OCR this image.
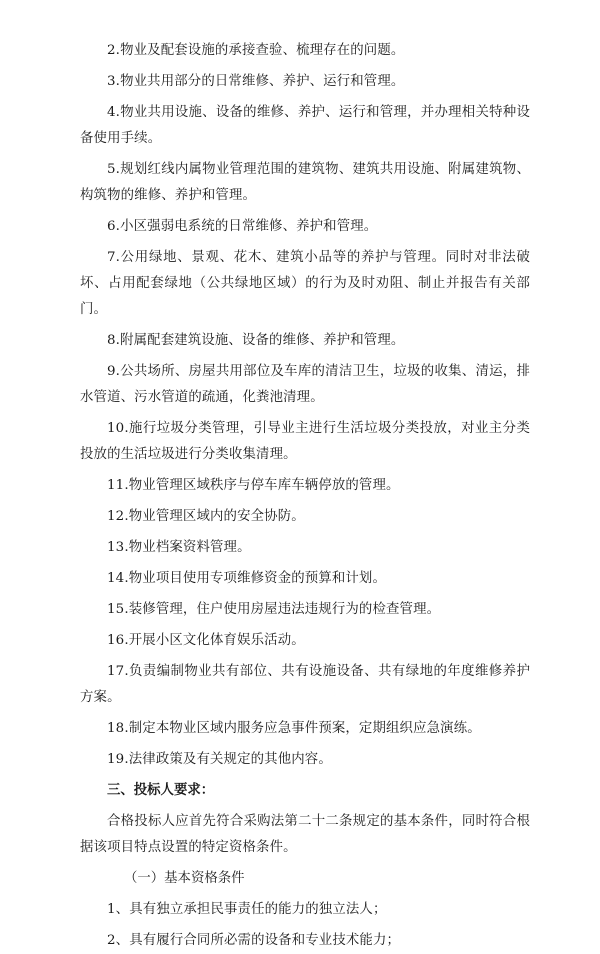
2.物业及配套设施的承接查验、梳理存在的问题。

3.物业共用部分的日常维修、养护、运行和管理。

4.物业共用设施、设备的维修、养护、运行和管理，并办理相关特种设备使用手续。

5.规划红线内属物业管理范围的建筑物、建筑共用设施、附属建筑物、构筑物的维修、养护和管理。

6.小区强弱电系统的日常维修、养护和管理。

7.公用绿地、景观、花木、建筑小品等的养护与管理。同时对非法破坏、占用配套绿地（公共绿地区域）的行为及时劝阻、制止并报告有关部门。

8.附属配套建筑设施、设备的维修、养护和管理。

9.公共场所、房屋共用部位及车库的清洁卫生，垃圾的收集、清运，排水管道、污水管道的疏通，化粪池清理。

10.施行垃圾分类管理，引导业主进行生活垃圾分类投放，对业主分类投放的生活垃圾进行分类收集清理。

11.物业管理区域秩序与停车库车辆停放的管理。

12.物业管理区域内的安全协防。

13.物业档案资料管理。

14.物业项目使用专项维修资金的预算和计划。

15.装修管理，住户使用房屋违法违规行为的检查管理。

16.开展小区文化体育娱乐活动。

17.负责编制物业共有部位、共有设施设备、共有绿地的年度维修养护方案。

18.制定本物业区域内服务应急事件预案，定期组织应急演练。

19.法律政策及有关规定的其他内容。

三、投标人要求：

合格投标人应首先符合采购法第二十二条规定的基本条件，同时符合根据该项目特点设置的特定资格条件。

（一）基本资格条件

1、具有独立承担民事责任的能力的独立法人；

2、具有履行合同所必需的设备和专业技术能力；
